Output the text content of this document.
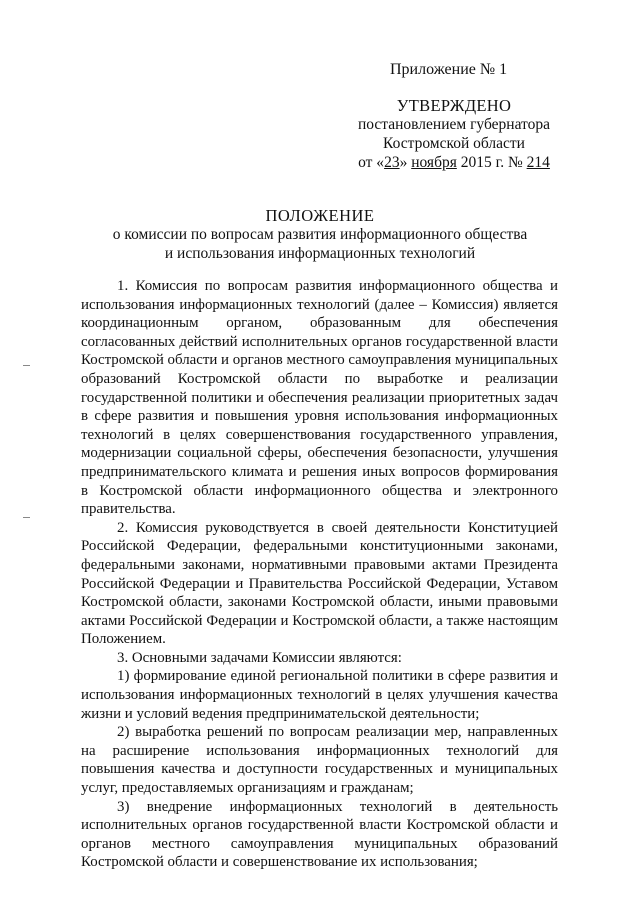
Приложение № 1
УТВЕРЖДЕНО
постановлением губернатора
Костромской области
от «23» ноября 2015 г. № 214
ПОЛОЖЕНИЕ
о комиссии по вопросам развития информационного общества
и использования информационных технологий

1. Комиссия по вопросам развития информационного общества и использования информационных технологий (далее – Комиссия) является координационным органом, образованным для обеспечения согласованных действий исполнительных органов государственной власти Костромской области и органов местного самоуправления муниципальных образований Костромской области по выработке и реализации государственной политики и обеспечения реализации приоритетных задач в сфере развития и повышения уровня использования информационных технологий в целях совершенствования государственного управления, модернизации социальной сферы, обеспечения безопасности, улучшения предпринимательского климата и решения иных вопросов формирования в Костромской области информационного общества и электронного правительства.

2. Комиссия руководствуется в своей деятельности Конституцией Российской Федерации, федеральными конституционными законами, федеральными законами, нормативными правовыми актами Президента Российской Федерации и Правительства Российской Федерации, Уставом Костромской области, законами Костромской области, иными правовыми актами Российской Федерации и Костромской области, а также настоящим Положением.

3. Основными задачами Комиссии являются:

1) формирование единой региональной политики в сфере развития и использования информационных технологий в целях улучшения качества жизни и условий ведения предпринимательской деятельности;

2) выработка решений по вопросам реализации мер, направленных на расширение использования информационных технологий для повышения качества и доступности государственных и муниципальных услуг, предоставляемых организациям и гражданам;

3) внедрение информационных технологий в деятельность исполнительных органов государственной власти Костромской области и органов местного самоуправления муниципальных образований Костромской области и совершенствование их использования;
